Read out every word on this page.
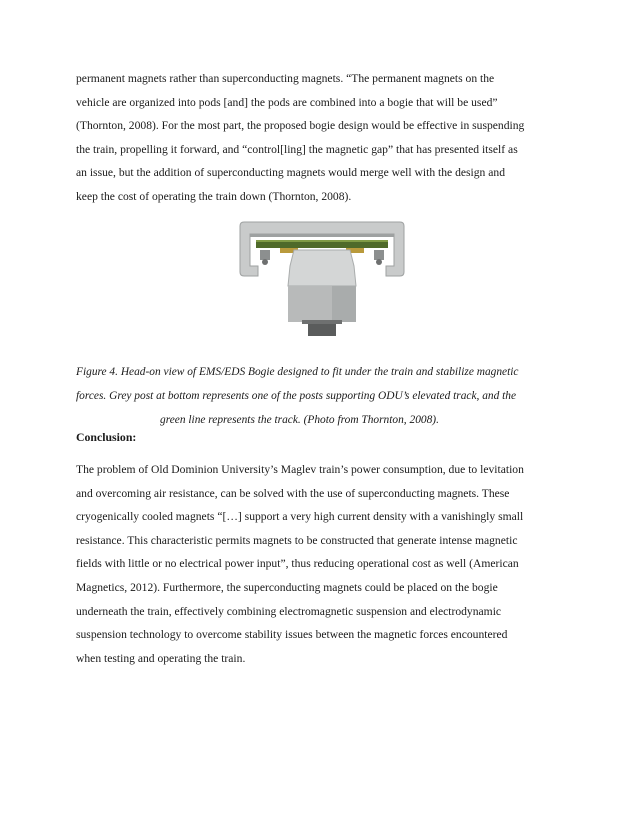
permanent magnets rather than superconducting magnets. “The permanent magnets on the
vehicle are organized into pods [and] the pods are combined into a bogie that will be used”
(Thornton, 2008). For the most part, the proposed bogie design would be effective in suspending
the train, propelling it forward, and “control[ling] the magnetic gap” that has presented itself as
an issue, but the addition of superconducting magnets would merge well with the design and
keep the cost of operating the train down (Thornton, 2008).
Figure 4. Head-on view of EMS/EDS Bogie designed to fit under the train and stabilize magnetic
forces. Grey post at bottom represents one of the posts supporting ODU’s elevated track, and the
green line represents the track. (Photo from Thornton, 2008).
Conclusion:
The problem of Old Dominion University’s Maglev train’s power consumption, due to levitation
and overcoming air resistance, can be solved with the use of superconducting magnets. These
cryogenically cooled magnets “[…] support a very high current density with a vanishingly small
resistance. This characteristic permits magnets to be constructed that generate intense magnetic
fields with little or no electrical power input”, thus reducing operational cost as well (American
Magnetics, 2012). Furthermore, the superconducting magnets could be placed on the bogie
underneath the train, effectively combining electromagnetic suspension and electrodynamic
suspension technology to overcome stability issues between the magnetic forces encountered
when testing and operating the train.
